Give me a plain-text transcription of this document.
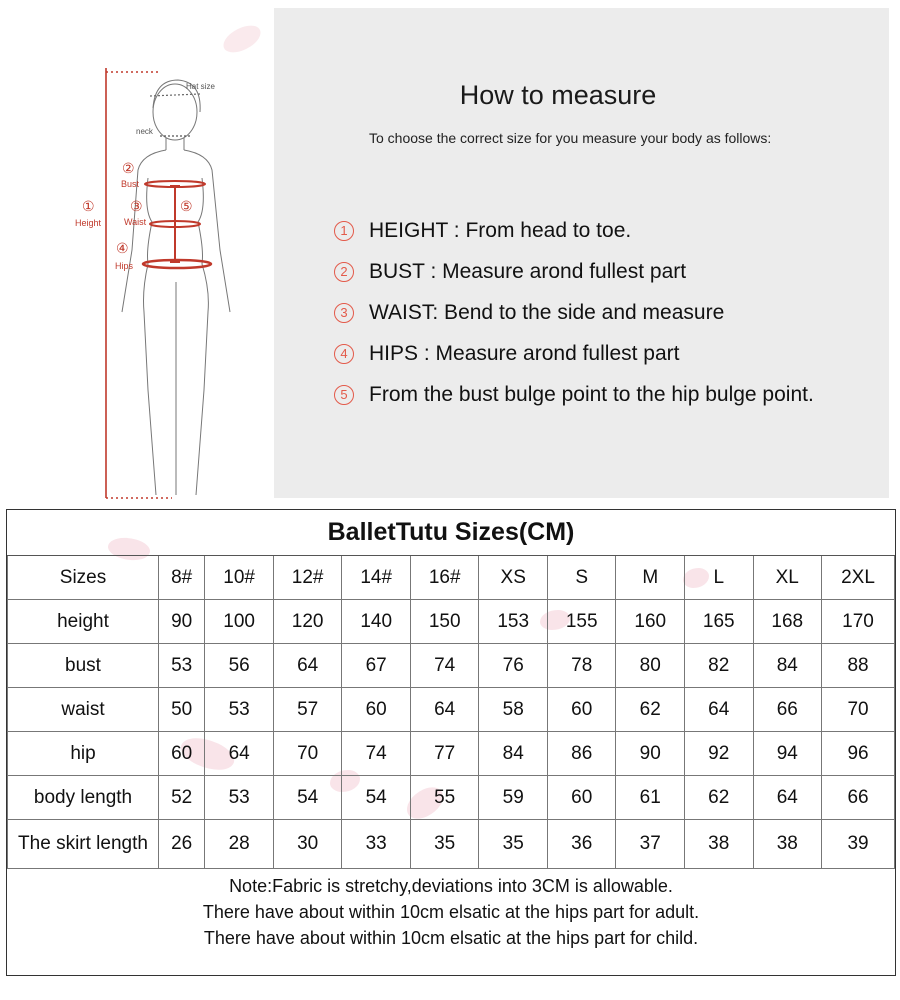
Hat size
neck
①
Height
②
Bust
③
Waist
④
Hips
⑤
How to measure
To choose the correct size for you measure your body as follows:
1	HEIGHT : From head to toe.
2	BUST : Measure arond fullest part
3	WAIST: Bend to the side and measure
4	HIPS : Measure arond fullest part
5	From the bust bulge point to the hip bulge point.
BalletTutu Sizes(CM)											
Sizes	8#	10#	12#	14#	16#	XS	S	M	L	XL	2XL
height	90	100	120	140	150	153	155	160	165	168	170
bust	53	56	64	67	74	76	78	80	82	84	88
waist	50	53	57	60	64	58	60	62	64	66	70
hip	60	64	70	74	77	84	86	90	92	94	96
body length	52	53	54	54	55	59	60	61	62	64	66
The skirt length	26	28	30	33	35	35	36	37	38	38	39

Note:Fabric is stretchy,deviations into 3CM is allowable.
There have about within 10cm elsatic at the hips part for adult.
There have about within 10cm elsatic at the hips part for child.											
